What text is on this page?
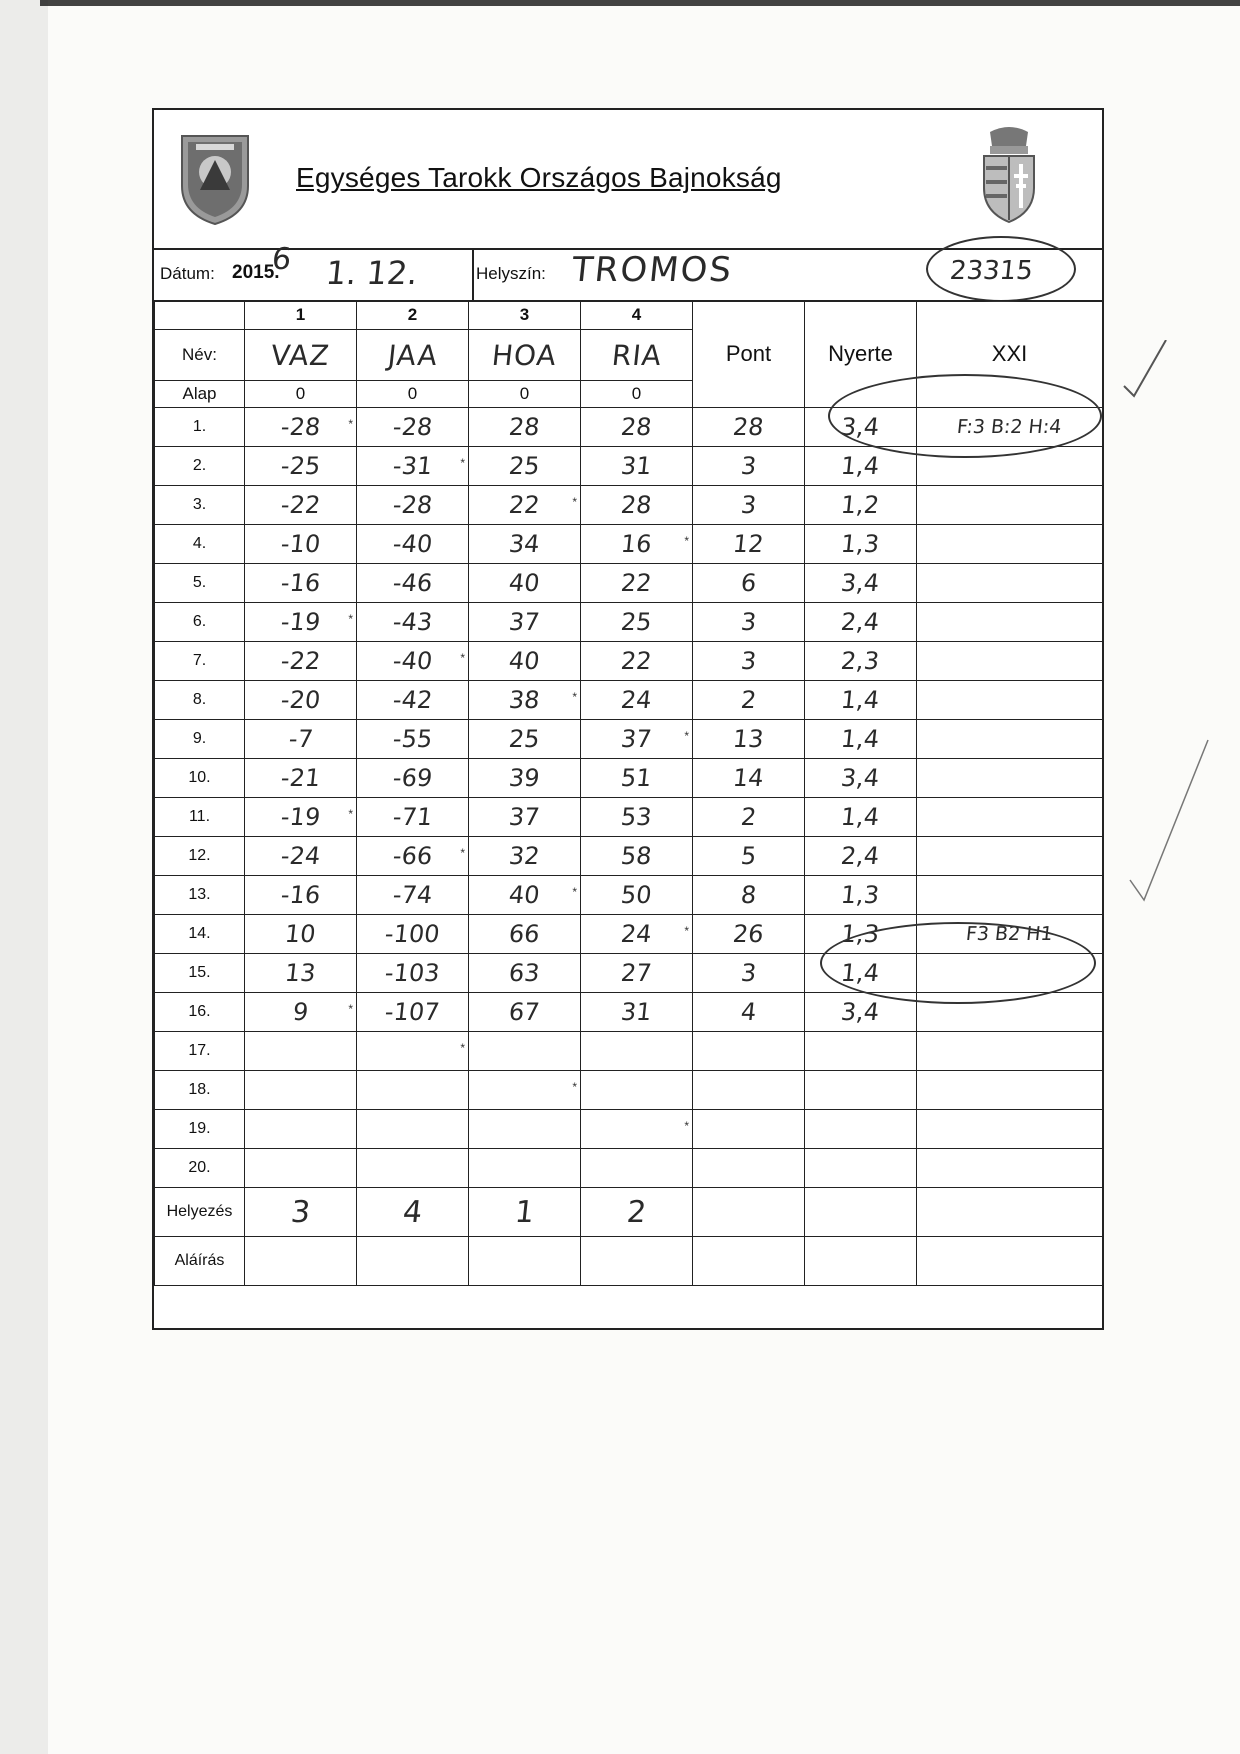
Egységes Tarokk Országos Bajnokság
Dátum: 2015.
6 1. 12.	Helyszín: TROMOS	23315
	1	2	3	4	Pont	Nyerte	XXI
Név:	VAZ	JAA	HOA	RIA			
Alap	0	0	0	0			
1.	-28 *	-28	28	28	28	3,4	F:3 B:2 H:4
2.	-25	-31 *	25	31	3	1,4	
3.	-22	-28	22 *	28	3	1,2	
4.	-10	-40	34	16 *	12	1,3	
5.	-16	-46	40	22	6	3,4	
6.	-19 *	-43	37	25	3	2,4	
7.	-22	-40 *	40	22	3	2,3	
8.	-20	-42	38 *	24	2	1,4	
9.	-7	-55	25	37 *	13	1,4	
10.	-21	-69	39	51	14	3,4	
11.	-19 *	-71	37	53	2	1,4	
12.	-24	-66 *	32	58	5	2,4	
13.	-16	-74	40 *	50	8	1,3	
14.	10	-100	66	24 *	26	1,3	F3 B2 H1
15.	13	-103	63	27	3	1,4	
16.	9 *	-107	67	31	4	3,4	
17.		*					

18.			*				

19.				*			

20.							
Helyezés	3	4	1	2			
Aláírás							
